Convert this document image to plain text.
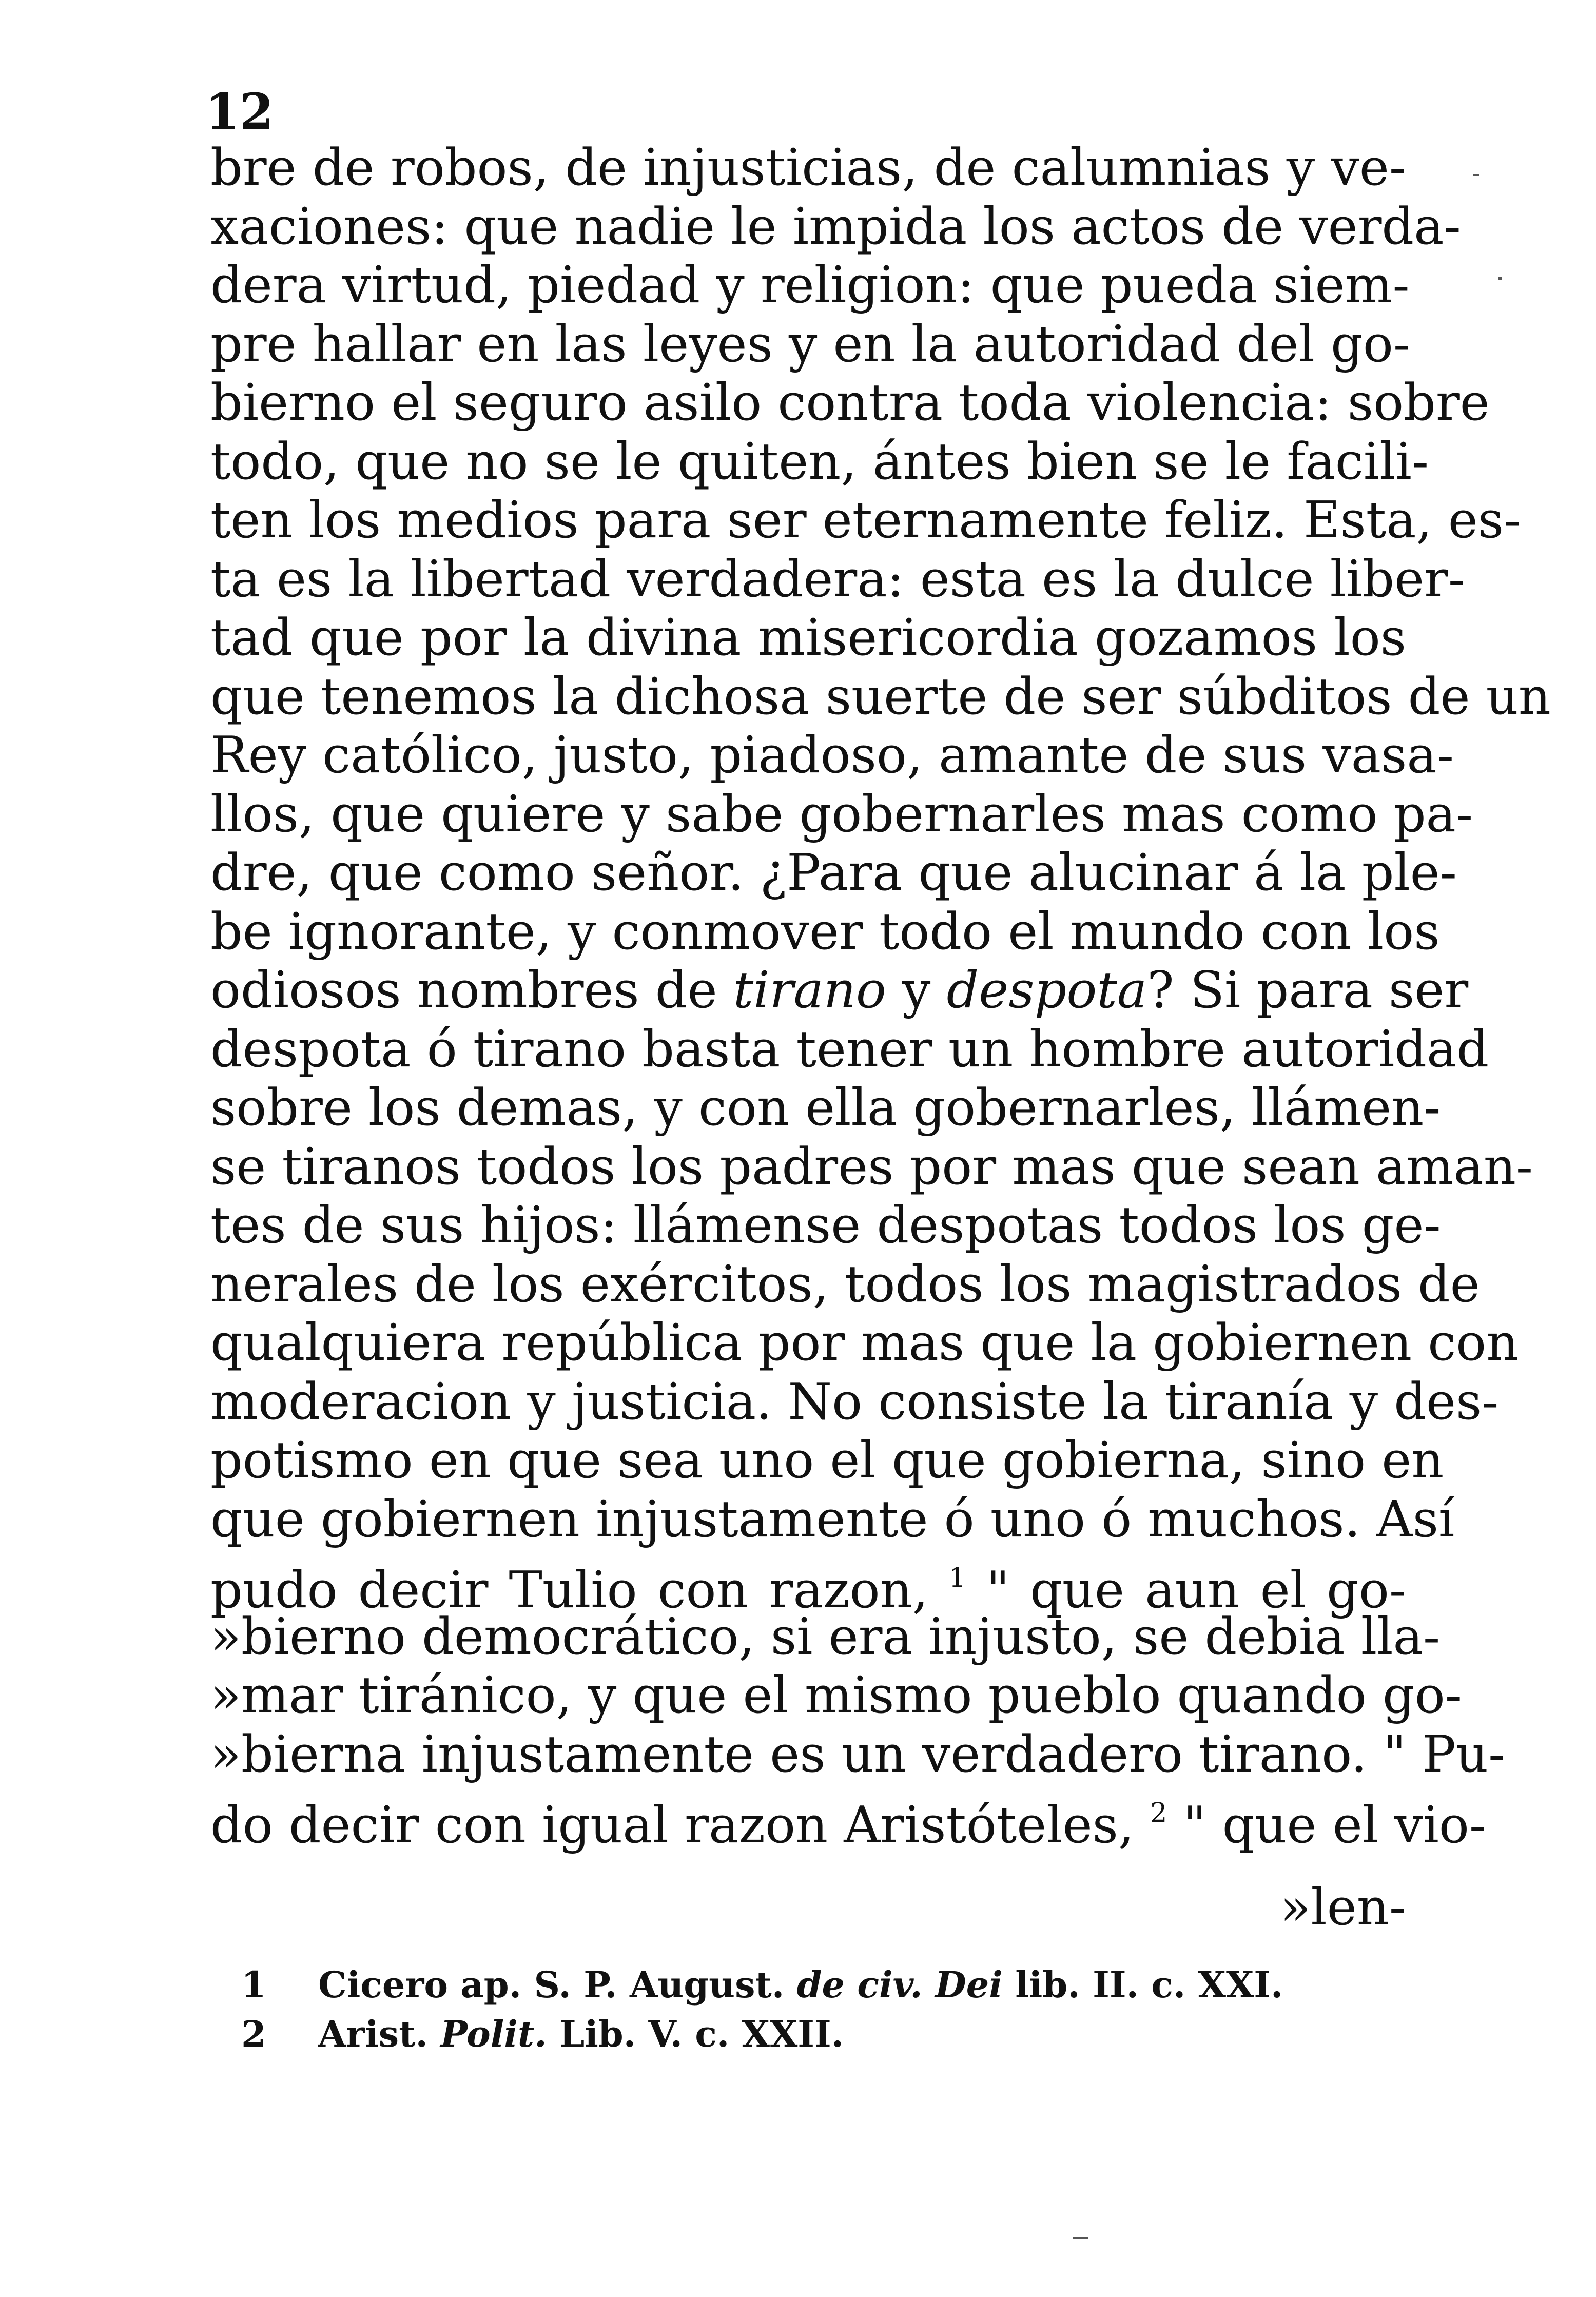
12
bre de robos, de injusticias, de calumnias y ve-
xaciones: que nadie le impida los actos de verda-
dera virtud, piedad y religion: que pueda siem-
pre hallar en las leyes y en la autoridad del go-
bierno el seguro asilo contra toda violencia: sobre
todo, que no se le quiten, ántes bien se le facili-
ten los medios para ser eternamente feliz. Esta, es-
ta es la libertad verdadera: esta es la dulce liber-
tad que por la divina misericordia gozamos los
que tenemos la dichosa suerte de ser súbditos de un
Rey católico, justo, piadoso, amante de sus vasa-
llos, que quiere y sabe gobernarles mas como pa-
dre, que como señor. ¿Para que alucinar á la ple-
be ignorante, y conmover todo el mundo con los
odiosos nombres de tirano y despota? Si para ser
despota ó tirano basta tener un hombre autoridad
sobre los demas, y con ella gobernarles, llámen-
se tiranos todos los padres por mas que sean aman-
tes de sus hijos: llámense despotas todos los ge-
nerales de los exércitos, todos los magistrados de
qualquiera república por mas que la gobiernen con
moderacion y justicia. No consiste la tiranía y des-
potismo en que sea uno el que gobierna, sino en
que gobiernen injustamente ó uno ó muchos. Así
pudo decir Tulio con razon, $^1$ " que aun el go-
»bierno democrático, si era injusto, se debia lla-
»mar tiránico, y que el mismo pueblo quando go-
»bierna injustamente es un verdadero tirano. " Pu-
do decir con igual razon Aristóteles, $^2$ " que el vio-
»len-
1 Cicero ap. S. P. August. de civ. Dei lib. II. c. XXI.
2 Arist. Polit. Lib. V. c. XXII.
